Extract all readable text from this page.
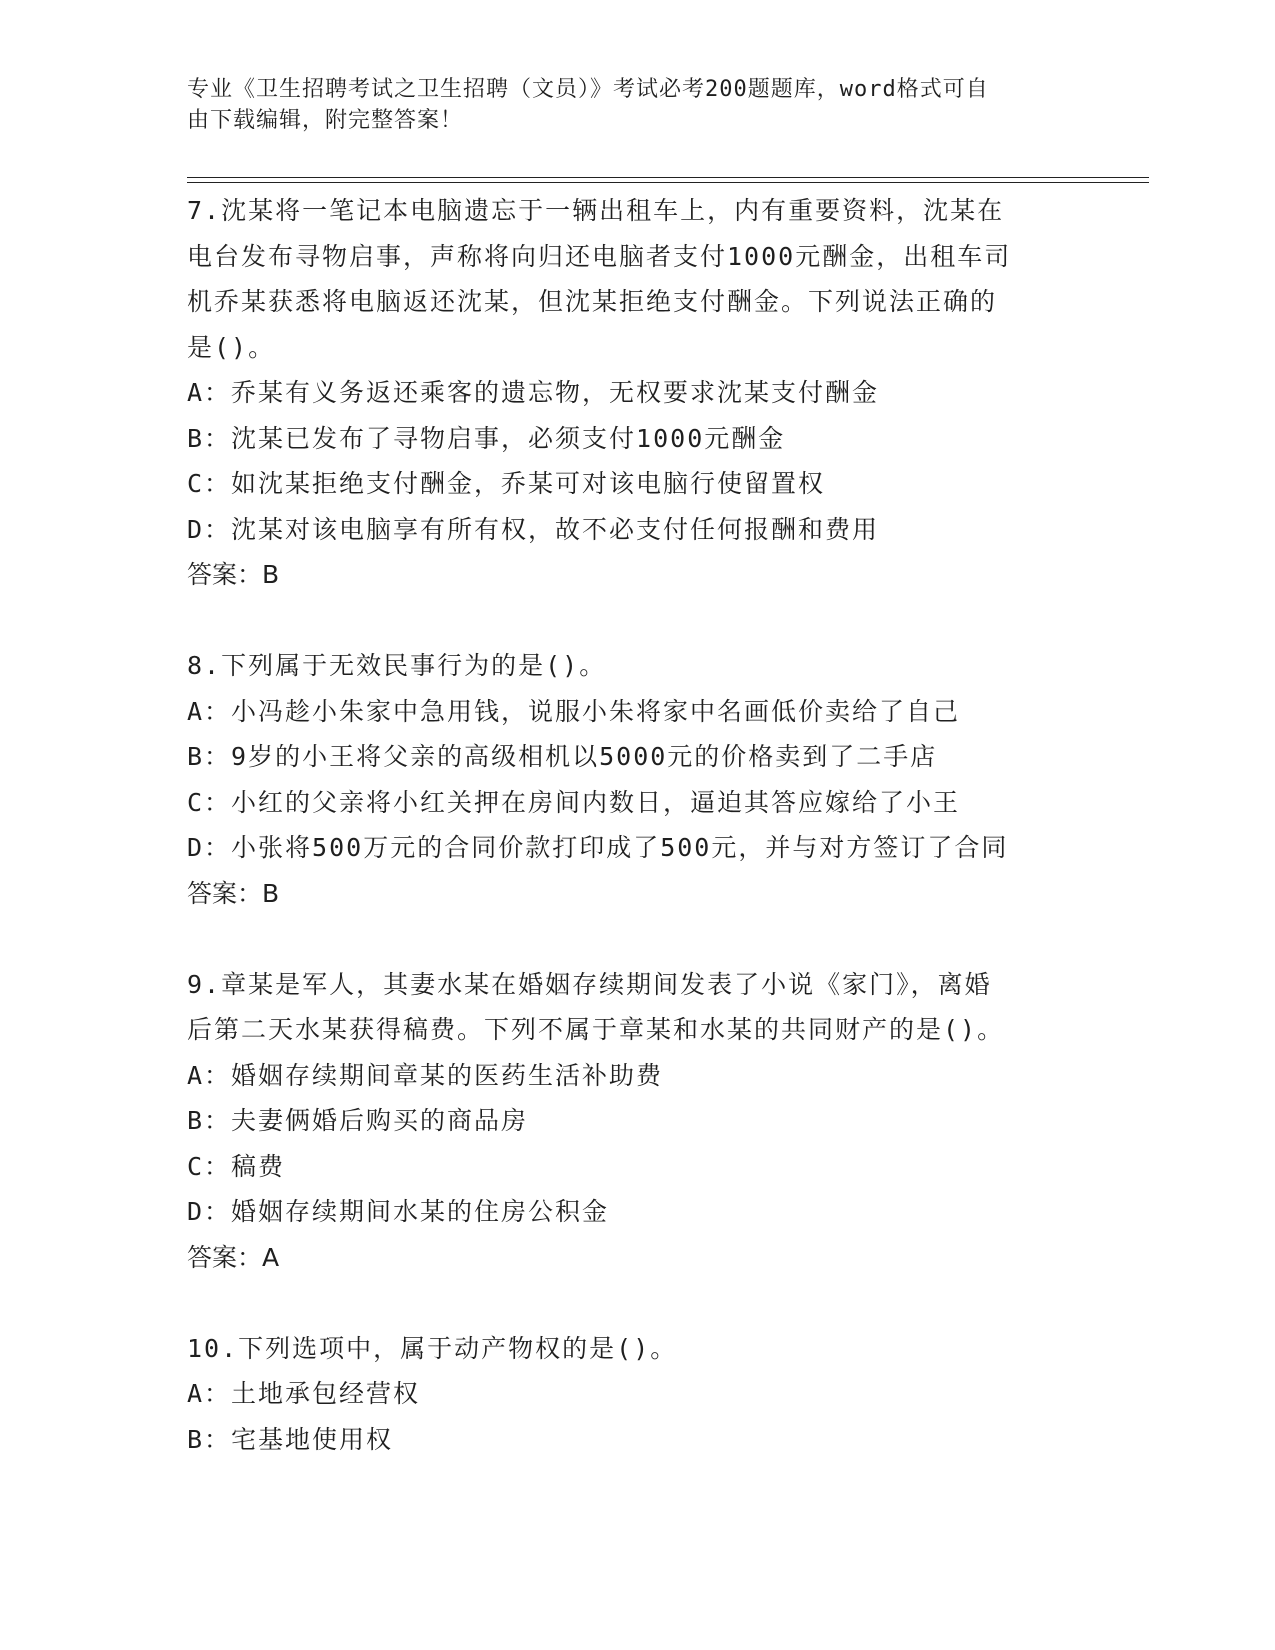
专业《卫生招聘考试之卫生招聘（文员）》考试必考200题题库，word格式可自
由下载编辑，附完整答案！
7.沈某将一笔记本电脑遗忘于一辆出租车上，内有重要资料，沈某在
电台发布寻物启事，声称将向归还电脑者支付1000元酬金，出租车司
机乔某获悉将电脑返还沈某，但沈某拒绝支付酬金。下列说法正确的
是()。
A：乔某有义务返还乘客的遗忘物，无权要求沈某支付酬金
B：沈某已发布了寻物启事，必须支付1000元酬金
C：如沈某拒绝支付酬金，乔某可对该电脑行使留置权
D：沈某对该电脑享有所有权，故不必支付任何报酬和费用
答案：B
8.下列属于无效民事行为的是()。
A：小冯趁小朱家中急用钱，说服小朱将家中名画低价卖给了自己
B：9岁的小王将父亲的高级相机以5000元的价格卖到了二手店
C：小红的父亲将小红关押在房间内数日，逼迫其答应嫁给了小王
D：小张将500万元的合同价款打印成了500元，并与对方签订了合同
答案：B
9.章某是军人，其妻水某在婚姻存续期间发表了小说《家门》，离婚
后第二天水某获得稿费。下列不属于章某和水某的共同财产的是()。
A：婚姻存续期间章某的医药生活补助费
B：夫妻俩婚后购买的商品房
C：稿费
D：婚姻存续期间水某的住房公积金
答案：A
10.下列选项中，属于动产物权的是()。
A：土地承包经营权
B：宅基地使用权
